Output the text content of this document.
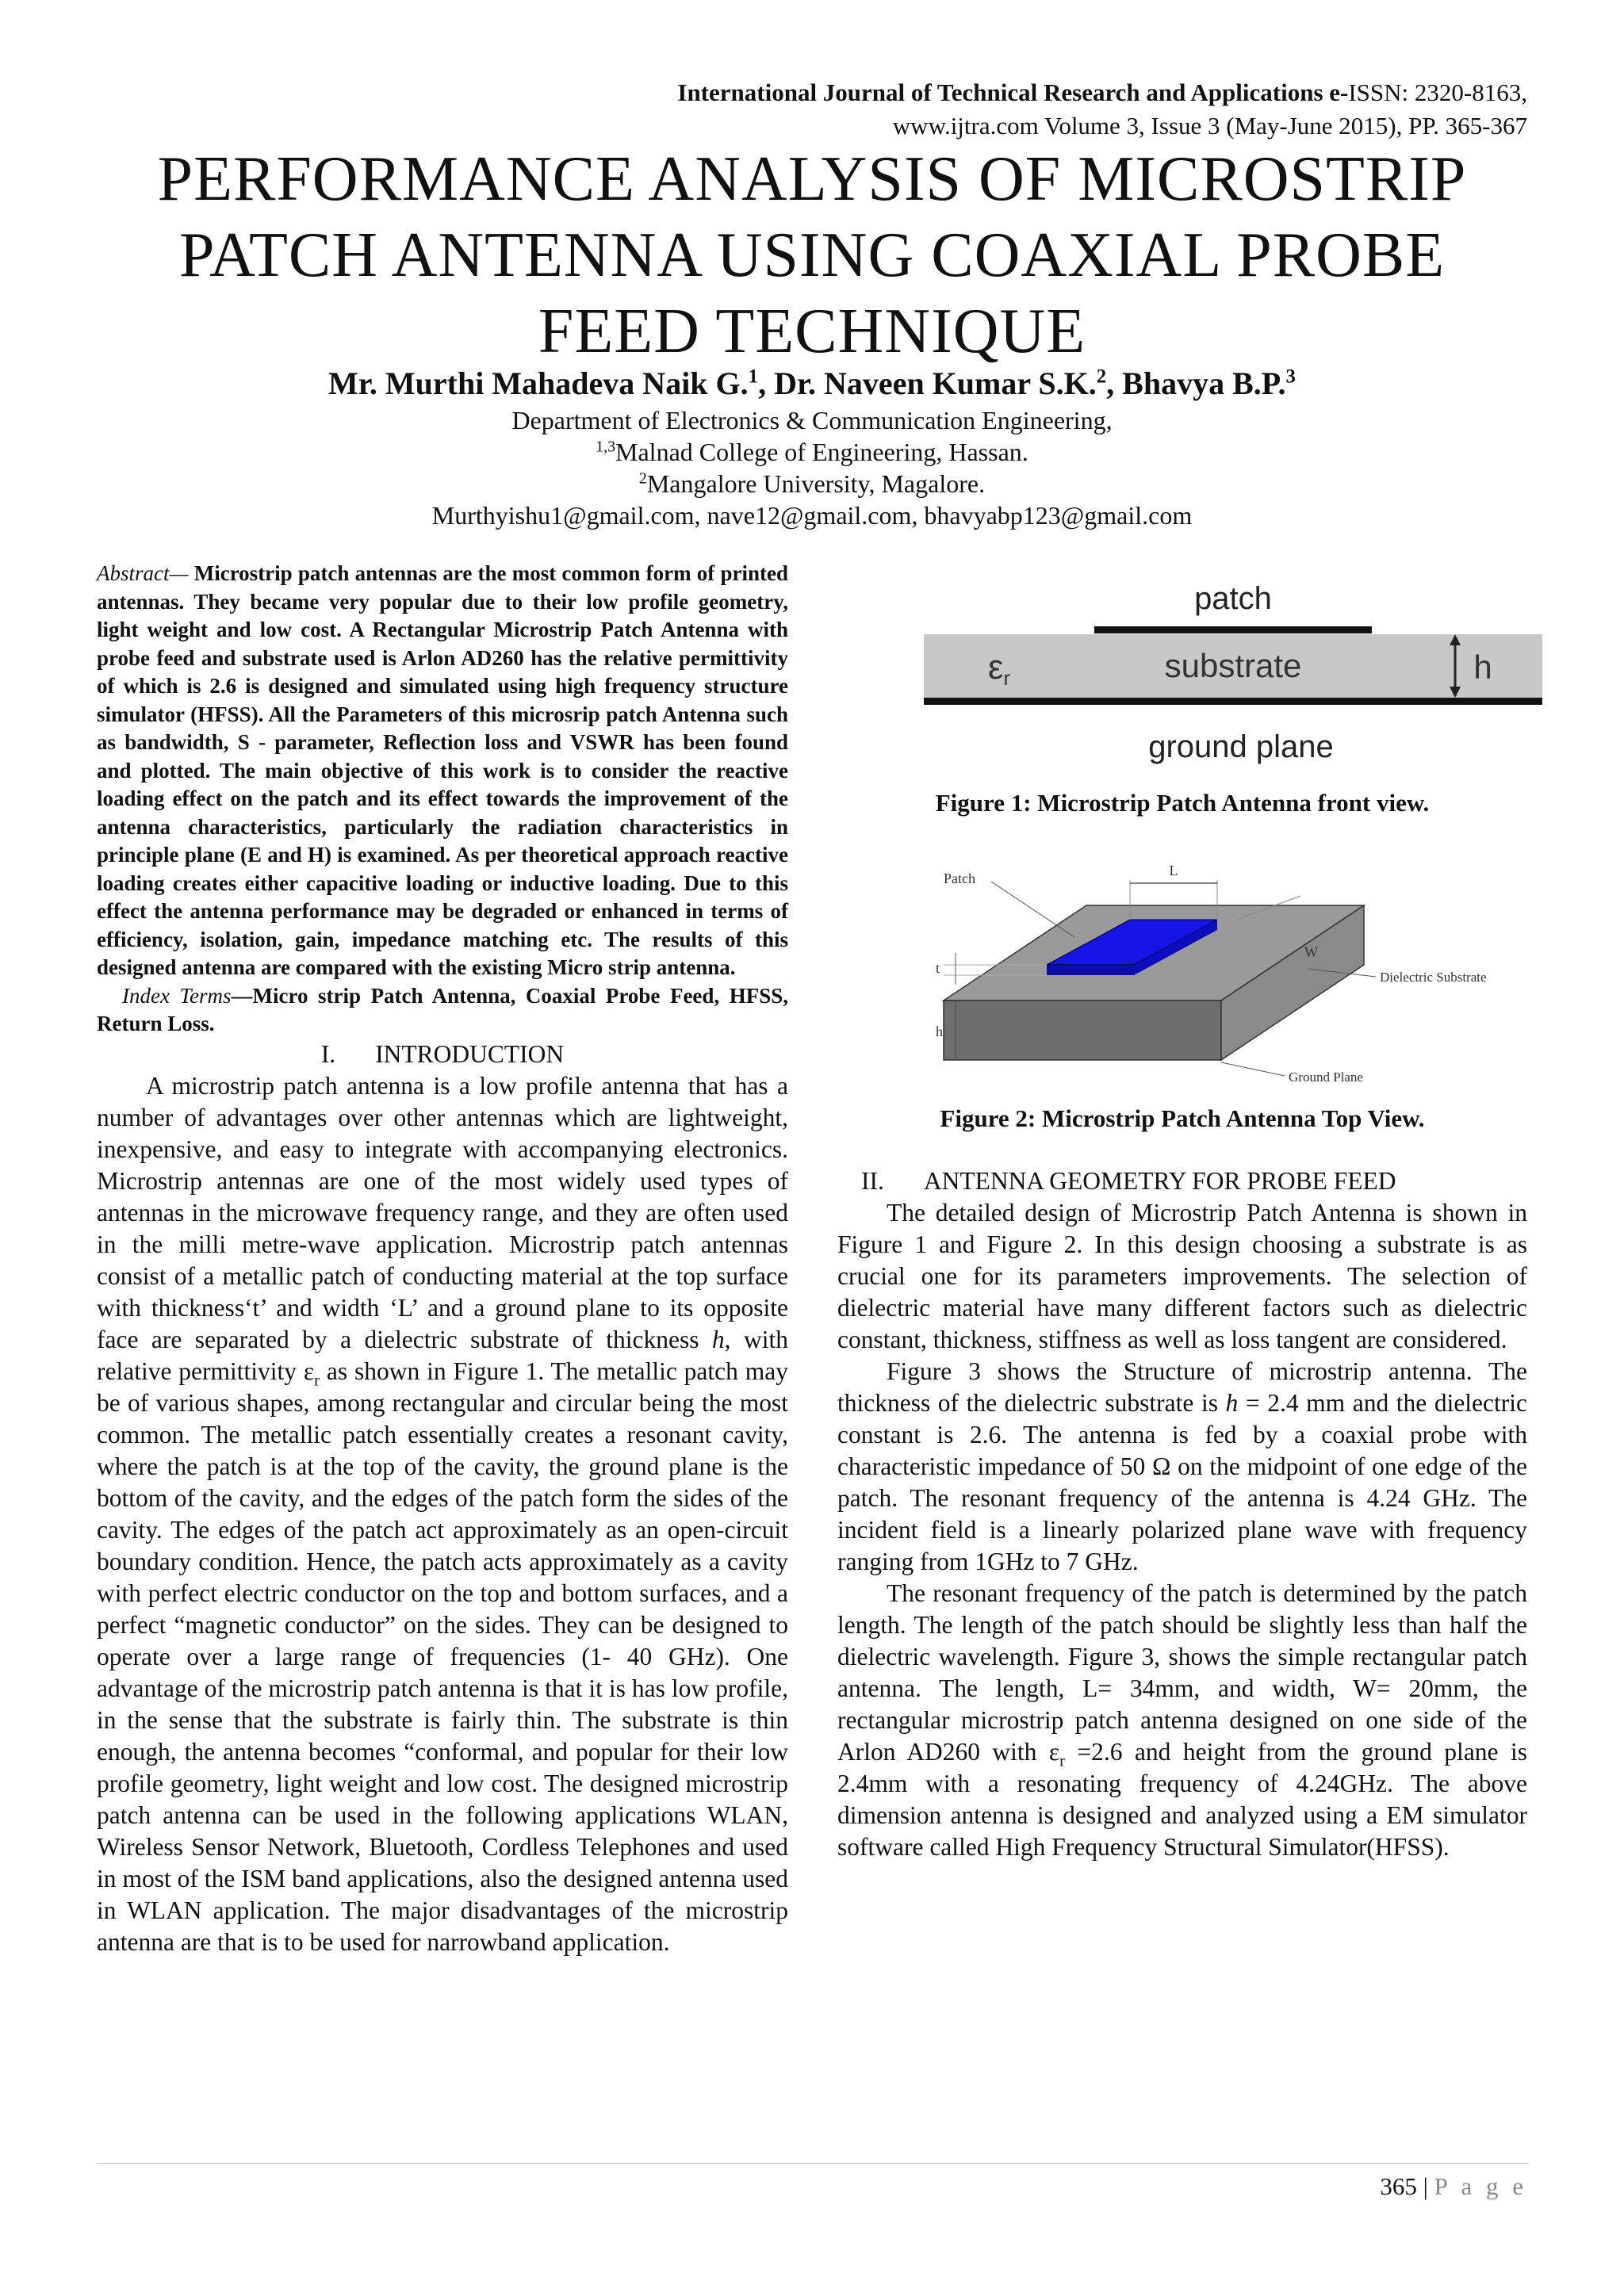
International Journal of Technical Research and Applications e-ISSN: 2320-8163,
www.ijtra.com Volume 3, Issue 3 (May-June 2015), PP. 365-367
PERFORMANCE ANALYSIS OF MICROSTRIP
PATCH ANTENNA USING COAXIAL PROBE
FEED TECHNIQUE
Mr. Murthi Mahadeva Naik G.$^1$, Dr. Naveen Kumar S.K.$^2$, Bhavya B.P.$^3$
Department of Electronics & Communication Engineering,
$^{1,3}$Malnad College of Engineering, Hassan.
$^2$Mangalore University, Magalore.
Murthyishu1@gmail.com, nave12@gmail.com, bhavyabp123@gmail.com

Abstract— Microstrip patch antennas are the most common form of printed antennas. They became very popular due to their low profile geometry, light weight and low cost. A Rectangular Microstrip Patch Antenna with probe feed and substrate used is Arlon AD260 has the relative permittivity of which is 2.6 is designed and simulated using high frequency structure simulator (HFSS). All the Parameters of this microsrip patch Antenna such as bandwidth, S - parameter, Reflection loss and VSWR has been found and plotted. The main objective of this work is to consider the reactive loading effect on the patch and its effect towards the improvement of the antenna characteristics, particularly the radiation characteristics in principle plane (E and H) is examined. As per theoretical approach reactive loading creates either capacitive loading or inductive loading. Due to this effect the antenna performance may be degraded or enhanced in terms of efficiency, isolation, gain, impedance matching etc. The results of this designed antenna are compared with the existing Micro strip antenna.

Index Terms—Micro strip Patch Antenna, Coaxial Probe Feed, HFSS, Return Loss.

I. INTRODUCTION

A microstrip patch antenna is a low profile antenna that has a number of advantages over other antennas which are lightweight, inexpensive, and easy to integrate with accompanying electronics. Microstrip antennas are one of the most widely used types of antennas in the microwave frequency range, and they are often used in the milli metre-wave application. Microstrip patch antennas consist of a metallic patch of conducting material at the top surface with thickness‘t’ and width ‘L’ and a ground plane to its opposite face are separated by a dielectric substrate of thickness h, with relative permittivity $\varepsilon_r$ as shown in Figure 1. The metallic patch may be of various shapes, among rectangular and circular being the most common. The metallic patch essentially creates a resonant cavity, where the patch is at the top of the cavity, the ground plane is the bottom of the cavity, and the edges of the patch form the sides of the cavity. The edges of the patch act approximately as an open-circuit boundary condition. Hence, the patch acts approximately as a cavity with perfect electric conductor on the top and bottom surfaces, and a perfect “magnetic conductor” on the sides. They can be designed to operate over a large range of frequencies (1- 40 GHz). One advantage of the microstrip patch antenna is that it is has low profile, in the sense that the substrate is fairly thin. The substrate is thin enough, the antenna becomes “conformal, and popular for their low profile geometry, light weight and low cost. The designed microstrip patch antenna can be used in the following applications WLAN, Wireless Sensor Network, Bluetooth, Cordless Telephones and used in most of the ISM band applications, also the designed antenna used in WLAN application. The major disadvantages of the microstrip antenna are that is to be used for narrowband application.

patch
εr	substrate	h
ground plane
Figure 1: Microstrip Patch Antenna front view.
L
W
Patch
t
h
Dielectric Substrate
Ground Plane
Figure 2: Microstrip Patch Antenna Top View.

II. ANTENNA GEOMETRY FOR PROBE FEED

The detailed design of Microstrip Patch Antenna is shown in Figure 1 and Figure 2. In this design choosing a substrate is as crucial one for its parameters improvements. The selection of dielectric material have many different factors such as dielectric constant, thickness, stiffness as well as loss tangent are considered.

Figure 3 shows the Structure of microstrip antenna. The thickness of the dielectric substrate is h = 2.4 mm and the dielectric constant is 2.6. The antenna is fed by a coaxial probe with characteristic impedance of 50 Ω on the midpoint of one edge of the patch. The resonant frequency of the antenna is 4.24 GHz. The incident field is a linearly polarized plane wave with frequency ranging from 1GHz to 7 GHz.

The resonant frequency of the patch is determined by the patch length. The length of the patch should be slightly less than half the dielectric wavelength. Figure 3, shows the simple rectangular patch antenna. The length, L= 34mm, and width, W= 20mm, the rectangular microstrip patch antenna designed on one side of the Arlon AD260 with $\varepsilon_r =2.6$ and height from the ground plane is 2.4mm with a resonating frequency of 4.24GHz. The above dimension antenna is designed and analyzed using a EM simulator software called High Frequency Structural Simulator(HFSS).

365 | P a g e
